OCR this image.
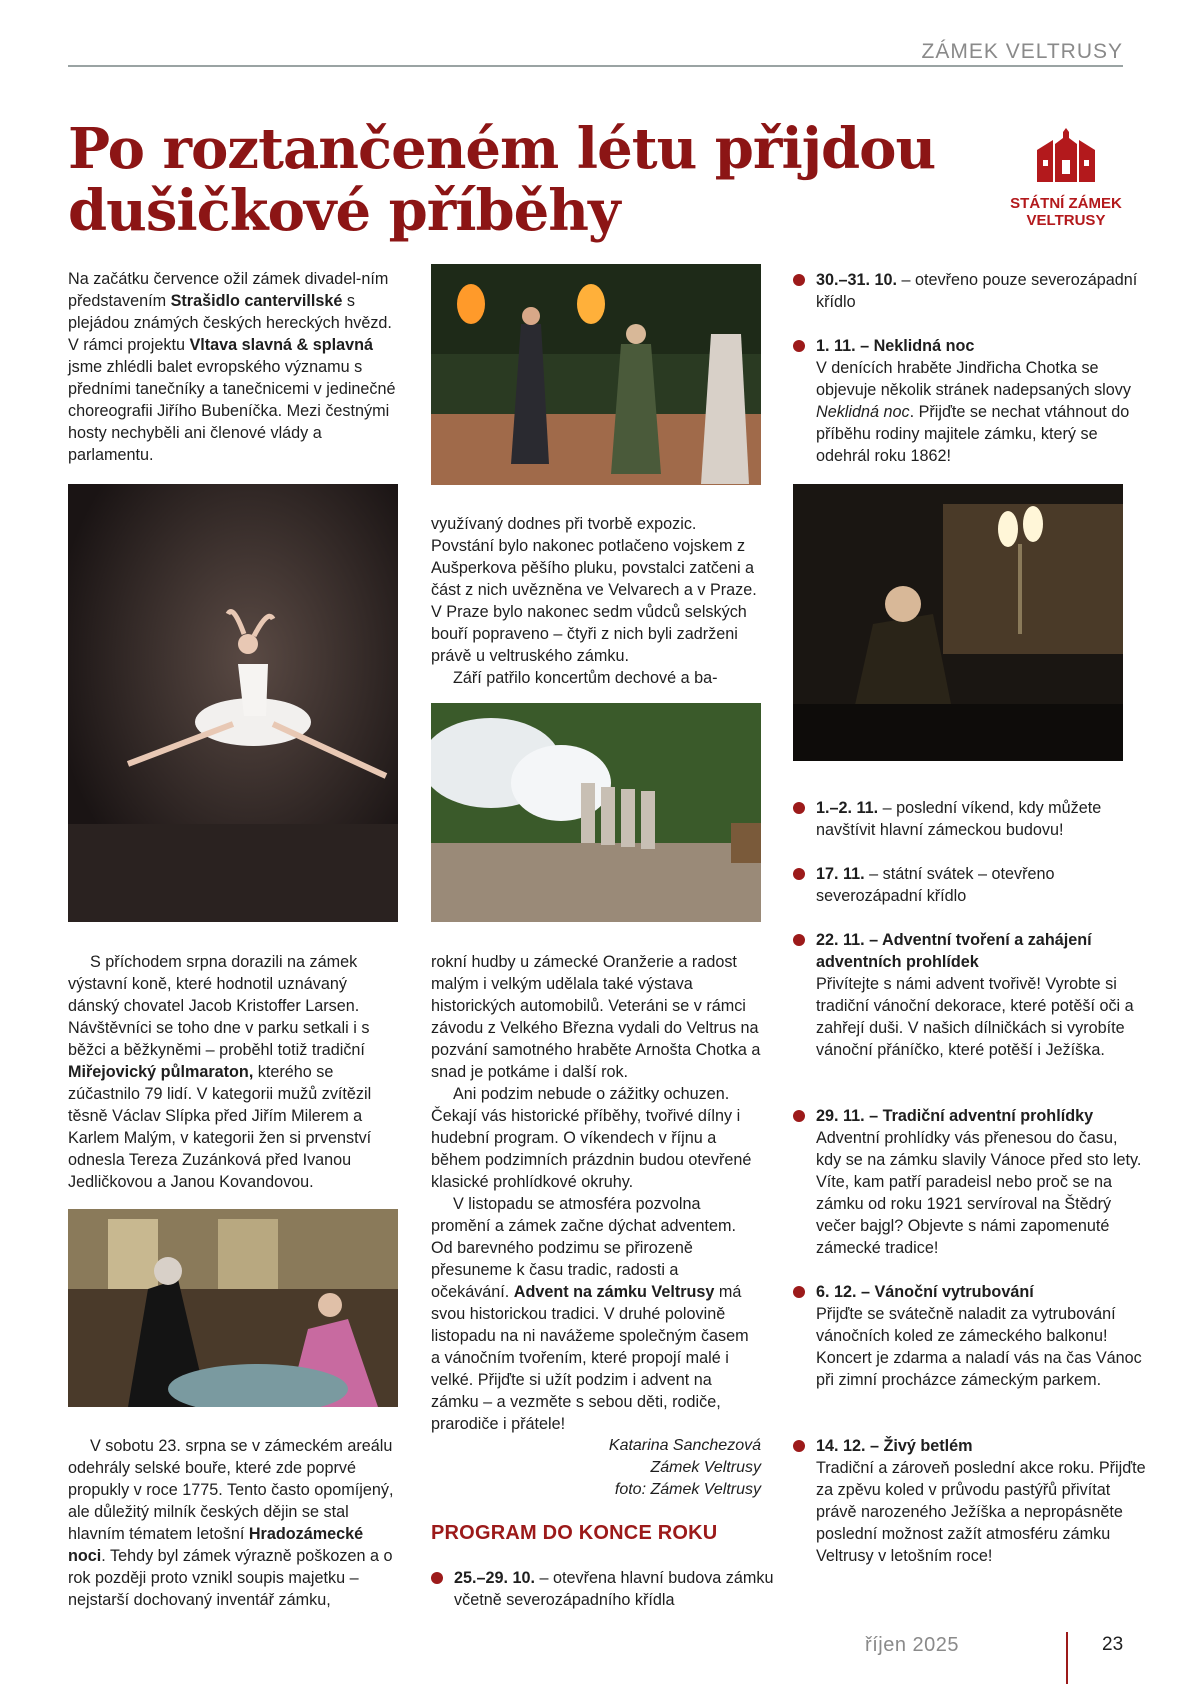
ZÁMEK VELTRUSY
Po roztančeném létu přijdou
dušičkové příběhy	STÁTNÍ ZÁMEK
VELTRUSY

Na začátku července ožil zámek divadel-ním představením Strašidlo cantervillské s plejádou známých českých hereckých hvězd. V rámci projektu Vltava slavná & splavná jsme zhlédli balet evropského významu s předními tanečníky a tanečnicemi v jedinečné choreografii Jiřího Bubeníčka. Mezi čestnými hosty nechyběli ani členové vlády a parlamentu.

S příchodem srpna dorazili na zámek výstavní koně, které hodnotil uznávaný dánský chovatel Jacob Kristoffer Larsen. Návštěvníci se toho dne v parku setkali i s běžci a běžkyněmi – proběhl totiž tradiční Miřejovický půlmaraton, kterého se zúčastnilo 79 lidí. V kategorii mužů zvítězil těsně Václav Slípka před Jiřím Milerem a Karlem Malým, v kategorii žen si prvenství odnesla Tereza Zuzánková před Ivanou Jedličkovou a Janou Kovandovou.

V sobotu 23. srpna se v zámeckém areálu odehrály selské bouře, které zde poprvé propukly v roce 1775. Tento často opomíjený, ale důležitý milník českých dějin se stal hlavním tématem letošní Hradozámecké noci. Tehdy byl zámek výrazně poškozen a o rok později proto vznikl soupis majetku – nejstarší dochovaný inventář zámku,

využívaný dodnes při tvorbě expozic. Povstání bylo nakonec potlačeno vojskem z Aušperkova pěšího pluku, povstalci zatčeni a část z nich uvězněna ve Velvarech a v Praze. V Praze bylo nakonec sedm vůdců selských bouří popraveno – čtyři z nich byli zadrženi právě u veltruského zámku.

Září patřilo koncertům dechové a ba-

rokní hudby u zámecké Oranžerie a radost malým i velkým udělala také výstava historických automobilů. Veteráni se v rámci závodu z Velkého Března vydali do Veltrus na pozvání samotného hraběte Arnošta Chotka a snad je potkáme i další rok.

Ani podzim nebude o zážitky ochuzen. Čekají vás historické příběhy, tvořivé dílny i hudební program. O víkendech v říjnu a během podzimních prázdnin budou otevřené klasické prohlídkové okruhy.

V listopadu se atmosféra pozvolna promění a zámek začne dýchat adventem. Od barevného podzimu se přirozeně přesuneme k času tradic, radosti a očekávání. Advent na zámku Veltrusy má svou historickou tradici. V druhé polovině listopadu na ni navážeme společným časem a vánočním tvořením, které propojí malé i velké. Přijďte si užít podzim i advent na zámku – a vezměte s sebou děti, rodiče, prarodiče i přátele!

Katarina Sanchezová
Zámek Veltrusy
foto: Zámek Veltrusy
PROGRAM DO KONCE ROKU
25.–29. 10. – otevřena hlavní budova zámku včetně severozápadního křídla
30.–31. 10. – otevřeno pouze severozápadní křídlo
1. 11. – Neklidná noc
V denících hraběte Jindřicha Chotka se objevuje několik stránek nadepsaných slovy Neklidná noc. Přijďte se nechat vtáhnout do příběhu rodiny majitele zámku, který se odehrál roku 1862!
1.–2. 11. – poslední víkend, kdy můžete navštívit hlavní zámeckou budovu!
17. 11. – státní svátek – otevřeno severozápadní křídlo
22. 11. – Adventní tvoření a zahájení adventních prohlídek
Přivítejte s námi advent tvořivě! Vyrobte si tradiční vánoční dekorace, které potěší oči a zahřejí duši. V našich dílničkách si vyrobíte vánoční přáníčko, které potěší i Ježíška.
29. 11. – Tradiční adventní prohlídky
Adventní prohlídky vás přenesou do času, kdy se na zámku slavily Vánoce před sto lety. Víte, kam patří paradeisl nebo proč se na zámku od roku 1921 servíroval na Štědrý večer bajgl? Objevte s námi zapomenuté zámecké tradice!
6. 12. – Vánoční vytrubování
Přijďte se svátečně naladit za vytrubování vánočních koled ze zámeckého balkonu! Koncert je zdarma a naladí vás na čas Vánoc při zimní procházce zámeckým parkem.
14. 12. – Živý betlém
Tradiční a zároveň poslední akce roku. Přijďte za zpěvu koled v průvodu pastýřů přivítat právě narozeného Ježíška a nepropásněte poslední možnost zažít atmosféru zámku Veltrusy v letošním roce!
říjen 2025	23
